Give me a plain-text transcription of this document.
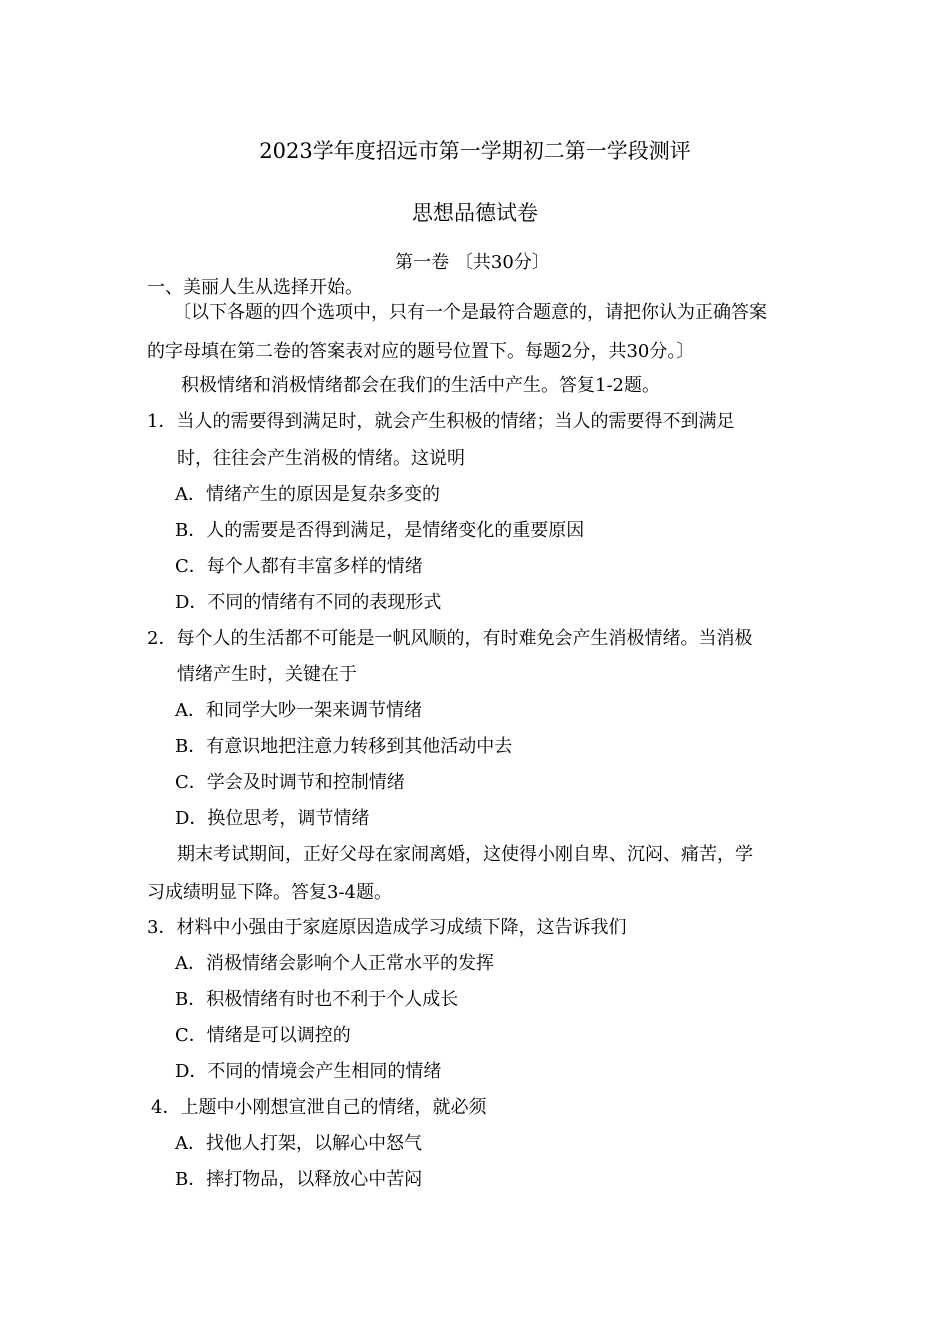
2023学年度招远市第一学期初二第一学段测评
思想品德试卷
第一卷 〔共30分〕
一、美丽人生从选择开始。
〔以下各题的四个选项中，只有一个是最符合题意的，请把你认为正确答案
的字母填在第二卷的答案表对应的题号位置下。每题2分，共30分。〕
积极情绪和消极情绪都会在我们的生活中产生。答复1-2题。
1．当人的需要得到满足时，就会产生积极的情绪；当人的需要得不到满足
时，往往会产生消极的情绪。这说明
A．情绪产生的原因是复杂多变的
B．人的需要是否得到满足，是情绪变化的重要原因
C．每个人都有丰富多样的情绪
D．不同的情绪有不同的表现形式
2．每个人的生活都不可能是一帆风顺的，有时难免会产生消极情绪。当消极
情绪产生时，关键在于
A．和同学大吵一架来调节情绪
B．有意识地把注意力转移到其他活动中去
C．学会及时调节和控制情绪
D．换位思考，调节情绪
期末考试期间，正好父母在家闹离婚，这使得小刚自卑、沉闷、痛苦，学
习成绩明显下降。答复3-4题。
3．材料中小强由于家庭原因造成学习成绩下降，这告诉我们
A．消极情绪会影响个人正常水平的发挥
B．积极情绪有时也不利于个人成长
C．情绪是可以调控的
D．不同的情境会产生相同的情绪
4．上题中小刚想宣泄自己的情绪，就必须
A．找他人打架，以解心中怒气
B．摔打物品，以释放心中苦闷
